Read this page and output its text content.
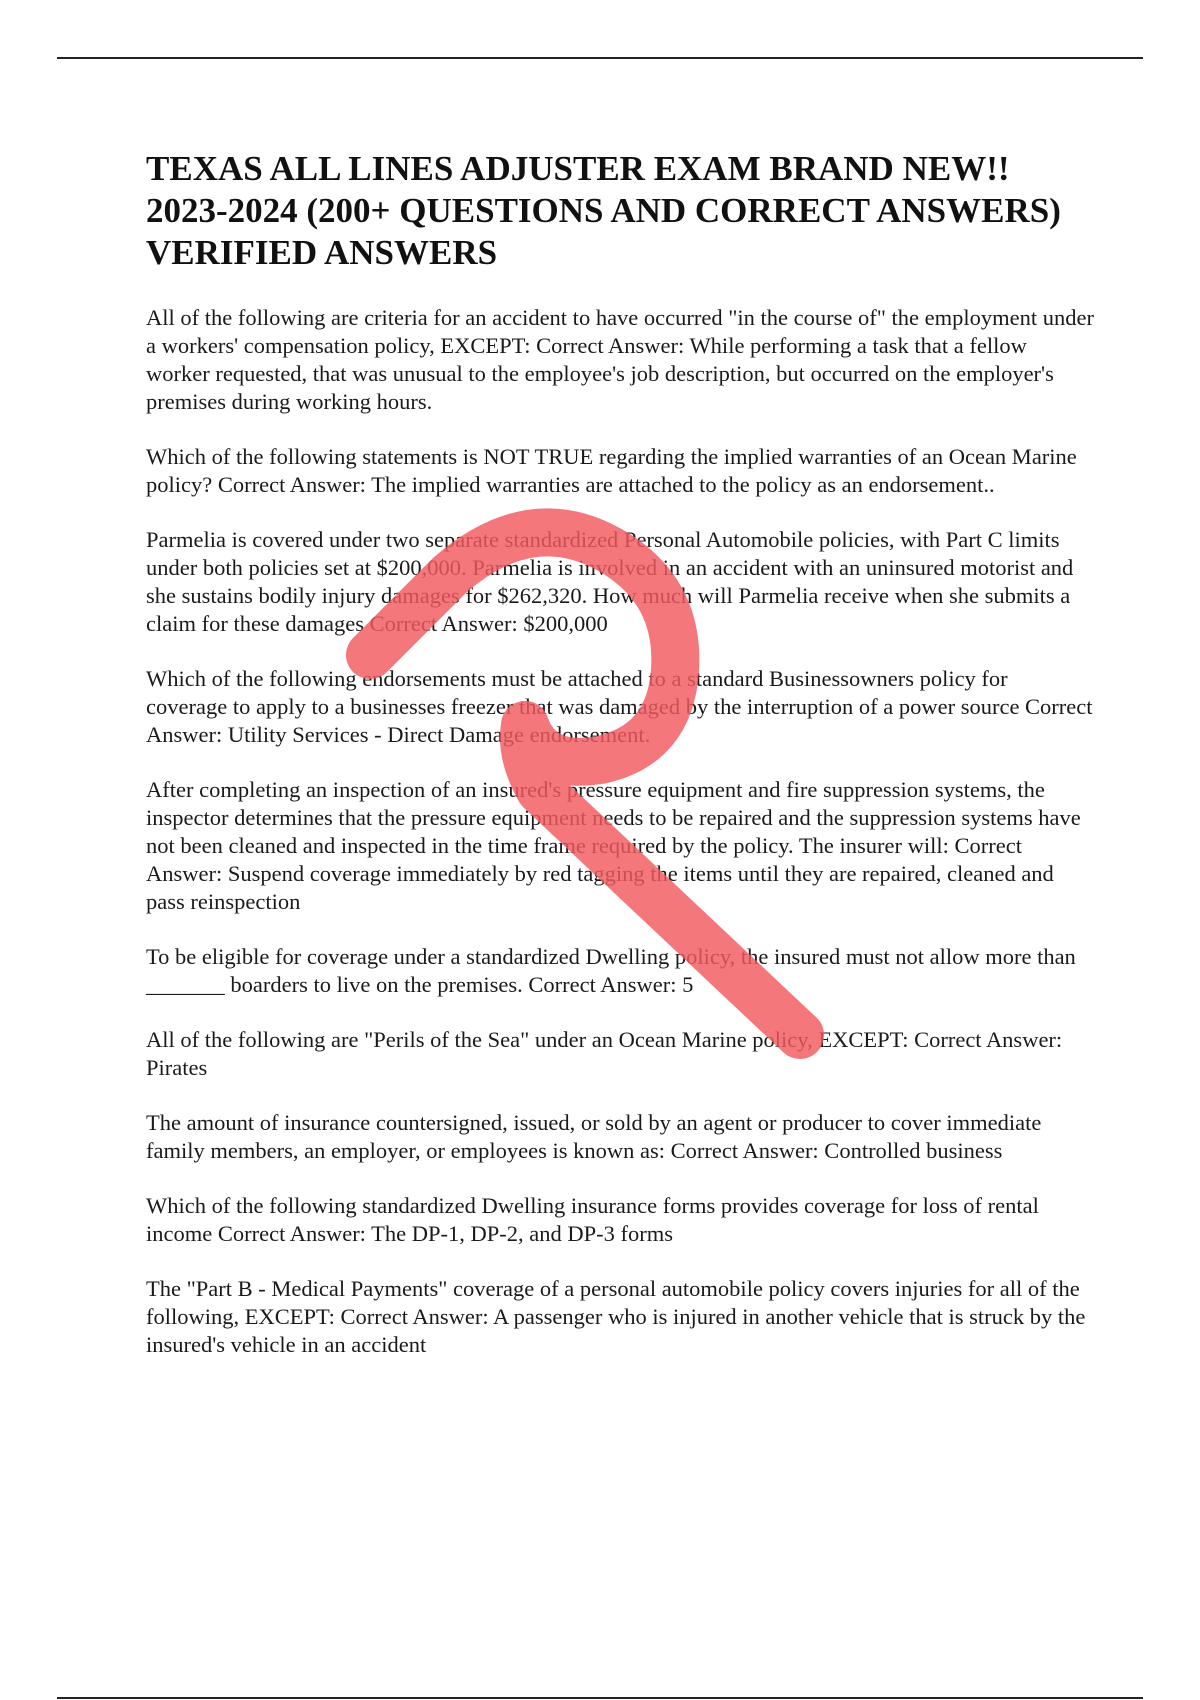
TEXAS ALL LINES ADJUSTER EXAM BRAND NEW!! 2023-2024 (200+ QUESTIONS AND CORRECT ANSWERS) VERIFIED ANSWERS
All of the following are criteria for an accident to have occurred "in the course of" the employment under a workers' compensation policy, EXCEPT: Correct Answer: While performing a task that a fellow worker requested, that was unusual to the employee's job description, but occurred on the employer's premises during working hours.
Which of the following statements is NOT TRUE regarding the implied warranties of an Ocean Marine policy? Correct Answer: The implied warranties are attached to the policy as an endorsement..
Parmelia is covered under two separate standardized Personal Automobile policies, with Part C limits under both policies set at $200,000. Parmelia is involved in an accident with an uninsured motorist and she sustains bodily injury damages for $262,320. How much will Parmelia receive when she submits a claim for these damages Correct Answer: $200,000
Which of the following endorsements must be attached to a standard Businessowners policy for coverage to apply to a businesses freezer that was damaged by the interruption of a power source Correct Answer: Utility Services - Direct Damage endorsement.
After completing an inspection of an insured's pressure equipment and fire suppression systems, the inspector determines that the pressure equipment needs to be repaired and the suppression systems have not been cleaned and inspected in the time frame required by the policy. The insurer will: Correct Answer: Suspend coverage immediately by red tagging the items until they are repaired, cleaned and pass reinspection
To be eligible for coverage under a standardized Dwelling policy, the insured must not allow more than _______ boarders to live on the premises. Correct Answer: 5
All of the following are "Perils of the Sea" under an Ocean Marine policy, EXCEPT: Correct Answer: Pirates
The amount of insurance countersigned, issued, or sold by an agent or producer to cover immediate family members, an employer, or employees is known as: Correct Answer: Controlled business
Which of the following standardized Dwelling insurance forms provides coverage for loss of rental income Correct Answer: The DP-1, DP-2, and DP-3 forms
The "Part B - Medical Payments" coverage of a personal automobile policy covers injuries for all of the following, EXCEPT: Correct Answer: A passenger who is injured in another vehicle that is struck by the insured's vehicle in an accident
